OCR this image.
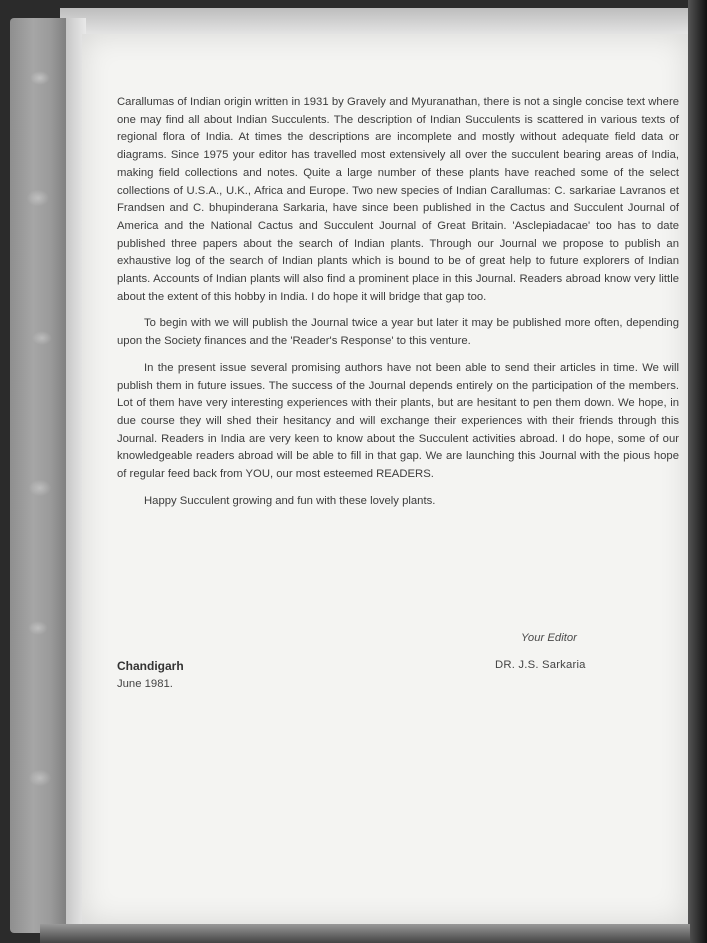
Carallumas of Indian origin written in 1931 by Gravely and Myuranathan, there is not a single concise text where one may find all about Indian Succulents. The description of Indian Succulents is scattered in various texts of regional flora of India. At times the descriptions are incomplete and mostly without adequate field data or diagrams. Since 1975 your editor has travelled most extensively all over the succulent bearing areas of India, making field collections and notes. Quite a large number of these plants have reached some of the select collections of U.S.A., U.K., Africa and Europe. Two new species of Indian Carallumas: C. sarkariae Lavranos et Frandsen and C. bhupinderana Sarkaria, have since been published in the Cactus and Succulent Journal of America and the National Cactus and Succulent Journal of Great Britain. 'Asclepiadacae' too has to date published three papers about the search of Indian plants. Through our Journal we propose to publish an exhaustive log of the search of Indian plants which is bound to be of great help to future explorers of Indian plants. Accounts of Indian plants will also find a prominent place in this Journal. Readers abroad know very little about the extent of this hobby in India. I do hope it will bridge that gap too.

To begin with we will publish the Journal twice a year but later it may be published more often, depending upon the Society finances and the 'Reader's Response' to this venture.

In the present issue several promising authors have not been able to send their articles in time. We will publish them in future issues. The success of the Journal depends entirely on the participation of the members. Lot of them have very interesting experiences with their plants, but are hesitant to pen them down. We hope, in due course they will shed their hesitancy and will exchange their experiences with their friends through this Journal. Readers in India are very keen to know about the Succulent activities abroad. I do hope, some of our knowledgeable readers abroad will be able to fill in that gap. We are launching this Journal with the pious hope of regular feed back from YOU, our most esteemed READERS.

Happy Succulent growing and fun with these lovely plants.

Your Editor
Chandigarh	DR. J.S. Sarkaria
June 1981.
